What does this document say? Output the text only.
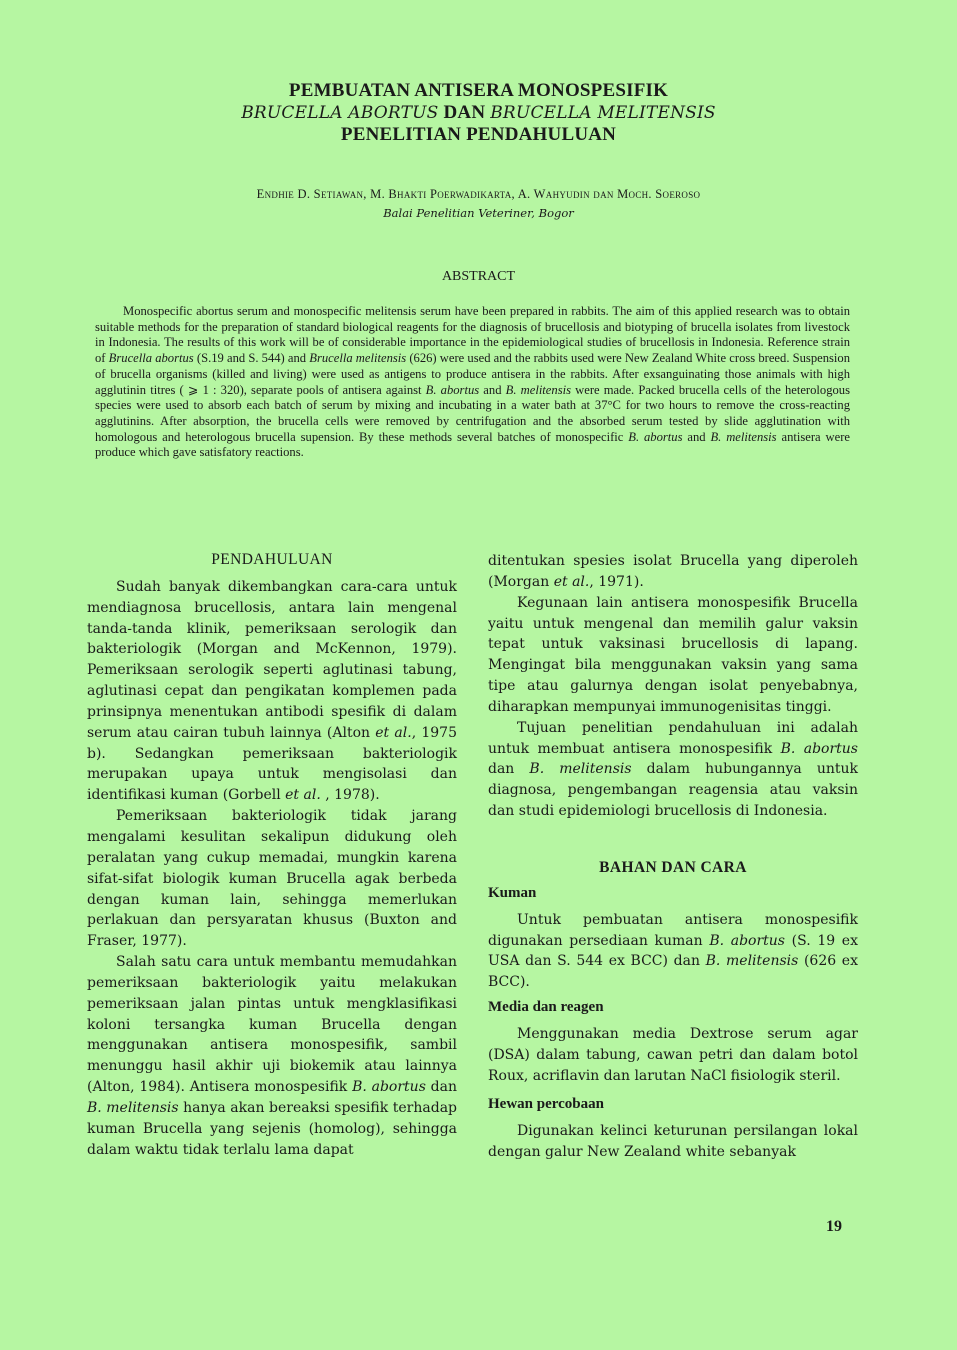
PEMBUATAN ANTISERA MONOSPESIFIK
BRUCELLA ABORTUS DAN BRUCELLA MELITENSIS
PENELITIAN PENDAHULUAN
Endhie D. Setiawan, M. Bhakti Poerwadikarta, A. Wahyudin dan Moch. Soeroso
Balai Penelitian Veteriner, Bogor
ABSTRACT

Monospecific abortus serum and monospecific melitensis serum have been prepared in rabbits. The aim of this applied research was to obtain suitable methods for the preparation of standard biological reagents for the diagnosis of brucellosis and biotyping of brucella isolates from livestock in Indonesia. The results of this work will be of considerable importance in the epidemiological studies of brucellosis in Indonesia. Reference strain of Brucella abortus (S.19 and S. 544) and Brucella melitensis (626) were used and the rabbits used were New Zealand White cross breed. Suspension of brucella organisms (killed and living) were used as antigens to produce antisera in the rabbits. After exsanguinating those animals with high agglutinin titres ( ⩾ 1 : 320), separate pools of antisera against B. abortus and B. melitensis were made. Packed brucella cells of the heterologous species were used to absorb each batch of serum by mixing and incubating in a water bath at 37°C for two hours to remove the cross-reacting agglutinins. After absorption, the brucella cells were removed by centrifugation and the absorbed serum tested by slide agglutination with homologous and heterologous brucella supension. By these methods several batches of monospecific B. abortus and B. melitensis antisera were produce which gave satisfatory reactions.

PENDAHULUAN

Sudah banyak dikembangkan cara-cara untuk mendiagnosa brucellosis, antara lain mengenal tanda-tanda klinik, pemeriksaan serologik dan bakteriologik (Morgan and McKennon, 1979). Pemeriksaan serologik seperti aglutinasi tabung, aglutinasi cepat dan pengikatan komplemen pada prinsipnya menentukan antibodi spesifik di dalam serum atau cairan tubuh lainnya (Alton et al., 1975 b). Sedangkan pemeriksaan bakteriologik merupakan upaya untuk mengisolasi dan identifikasi kuman (Gorbell et al. , 1978).

Pemeriksaan bakteriologik tidak jarang mengalami kesulitan sekalipun didukung oleh peralatan yang cukup memadai, mungkin karena sifat-sifat biologik kuman Brucella agak berbeda dengan kuman lain, sehingga memerlukan perlakuan dan persyaratan khusus (Buxton and Fraser, 1977).

Salah satu cara untuk membantu memudahkan pemeriksaan bakteriologik yaitu melakukan pemeriksaan jalan pintas untuk mengklasifikasi koloni tersangka kuman Brucella dengan menggunakan antisera monospesifik, sambil menunggu hasil akhir uji biokemik atau lainnya (Alton, 1984). Antisera monospesifik B. abortus dan B. melitensis hanya akan bereaksi spesifik terhadap kuman Brucella yang sejenis (homolog), sehingga dalam waktu tidak terlalu lama dapat

ditentukan spesies isolat Brucella yang diperoleh (Morgan et al., 1971).

Kegunaan lain antisera monospesifik Brucella yaitu untuk mengenal dan memilih galur vaksin tepat untuk vaksinasi brucellosis di lapang. Mengingat bila menggunakan vaksin yang sama tipe atau galurnya dengan isolat penyebabnya, diharapkan mempunyai immunogenisitas tinggi.

Tujuan penelitian pendahuluan ini adalah untuk membuat antisera monospesifik B. abortus dan B. melitensis dalam hubungannya untuk diagnosa, pengembangan reagensia atau vaksin dan studi epidemiologi brucellosis di Indonesia.

BAHAN DAN CARA
Kuman

Untuk pembuatan antisera monospesifik digunakan persediaan kuman B. abortus (S. 19 ex USA dan S. 544 ex BCC) dan B. melitensis (626 ex BCC).

Media dan reagen

Menggunakan media Dextrose serum agar (DSA) dalam tabung, cawan petri dan dalam botol Roux, acriflavin dan larutan NaCl fisiologik steril.

Hewan percobaan

Digunakan kelinci keturunan persilangan lokal dengan galur New Zealand white sebanyak

19
